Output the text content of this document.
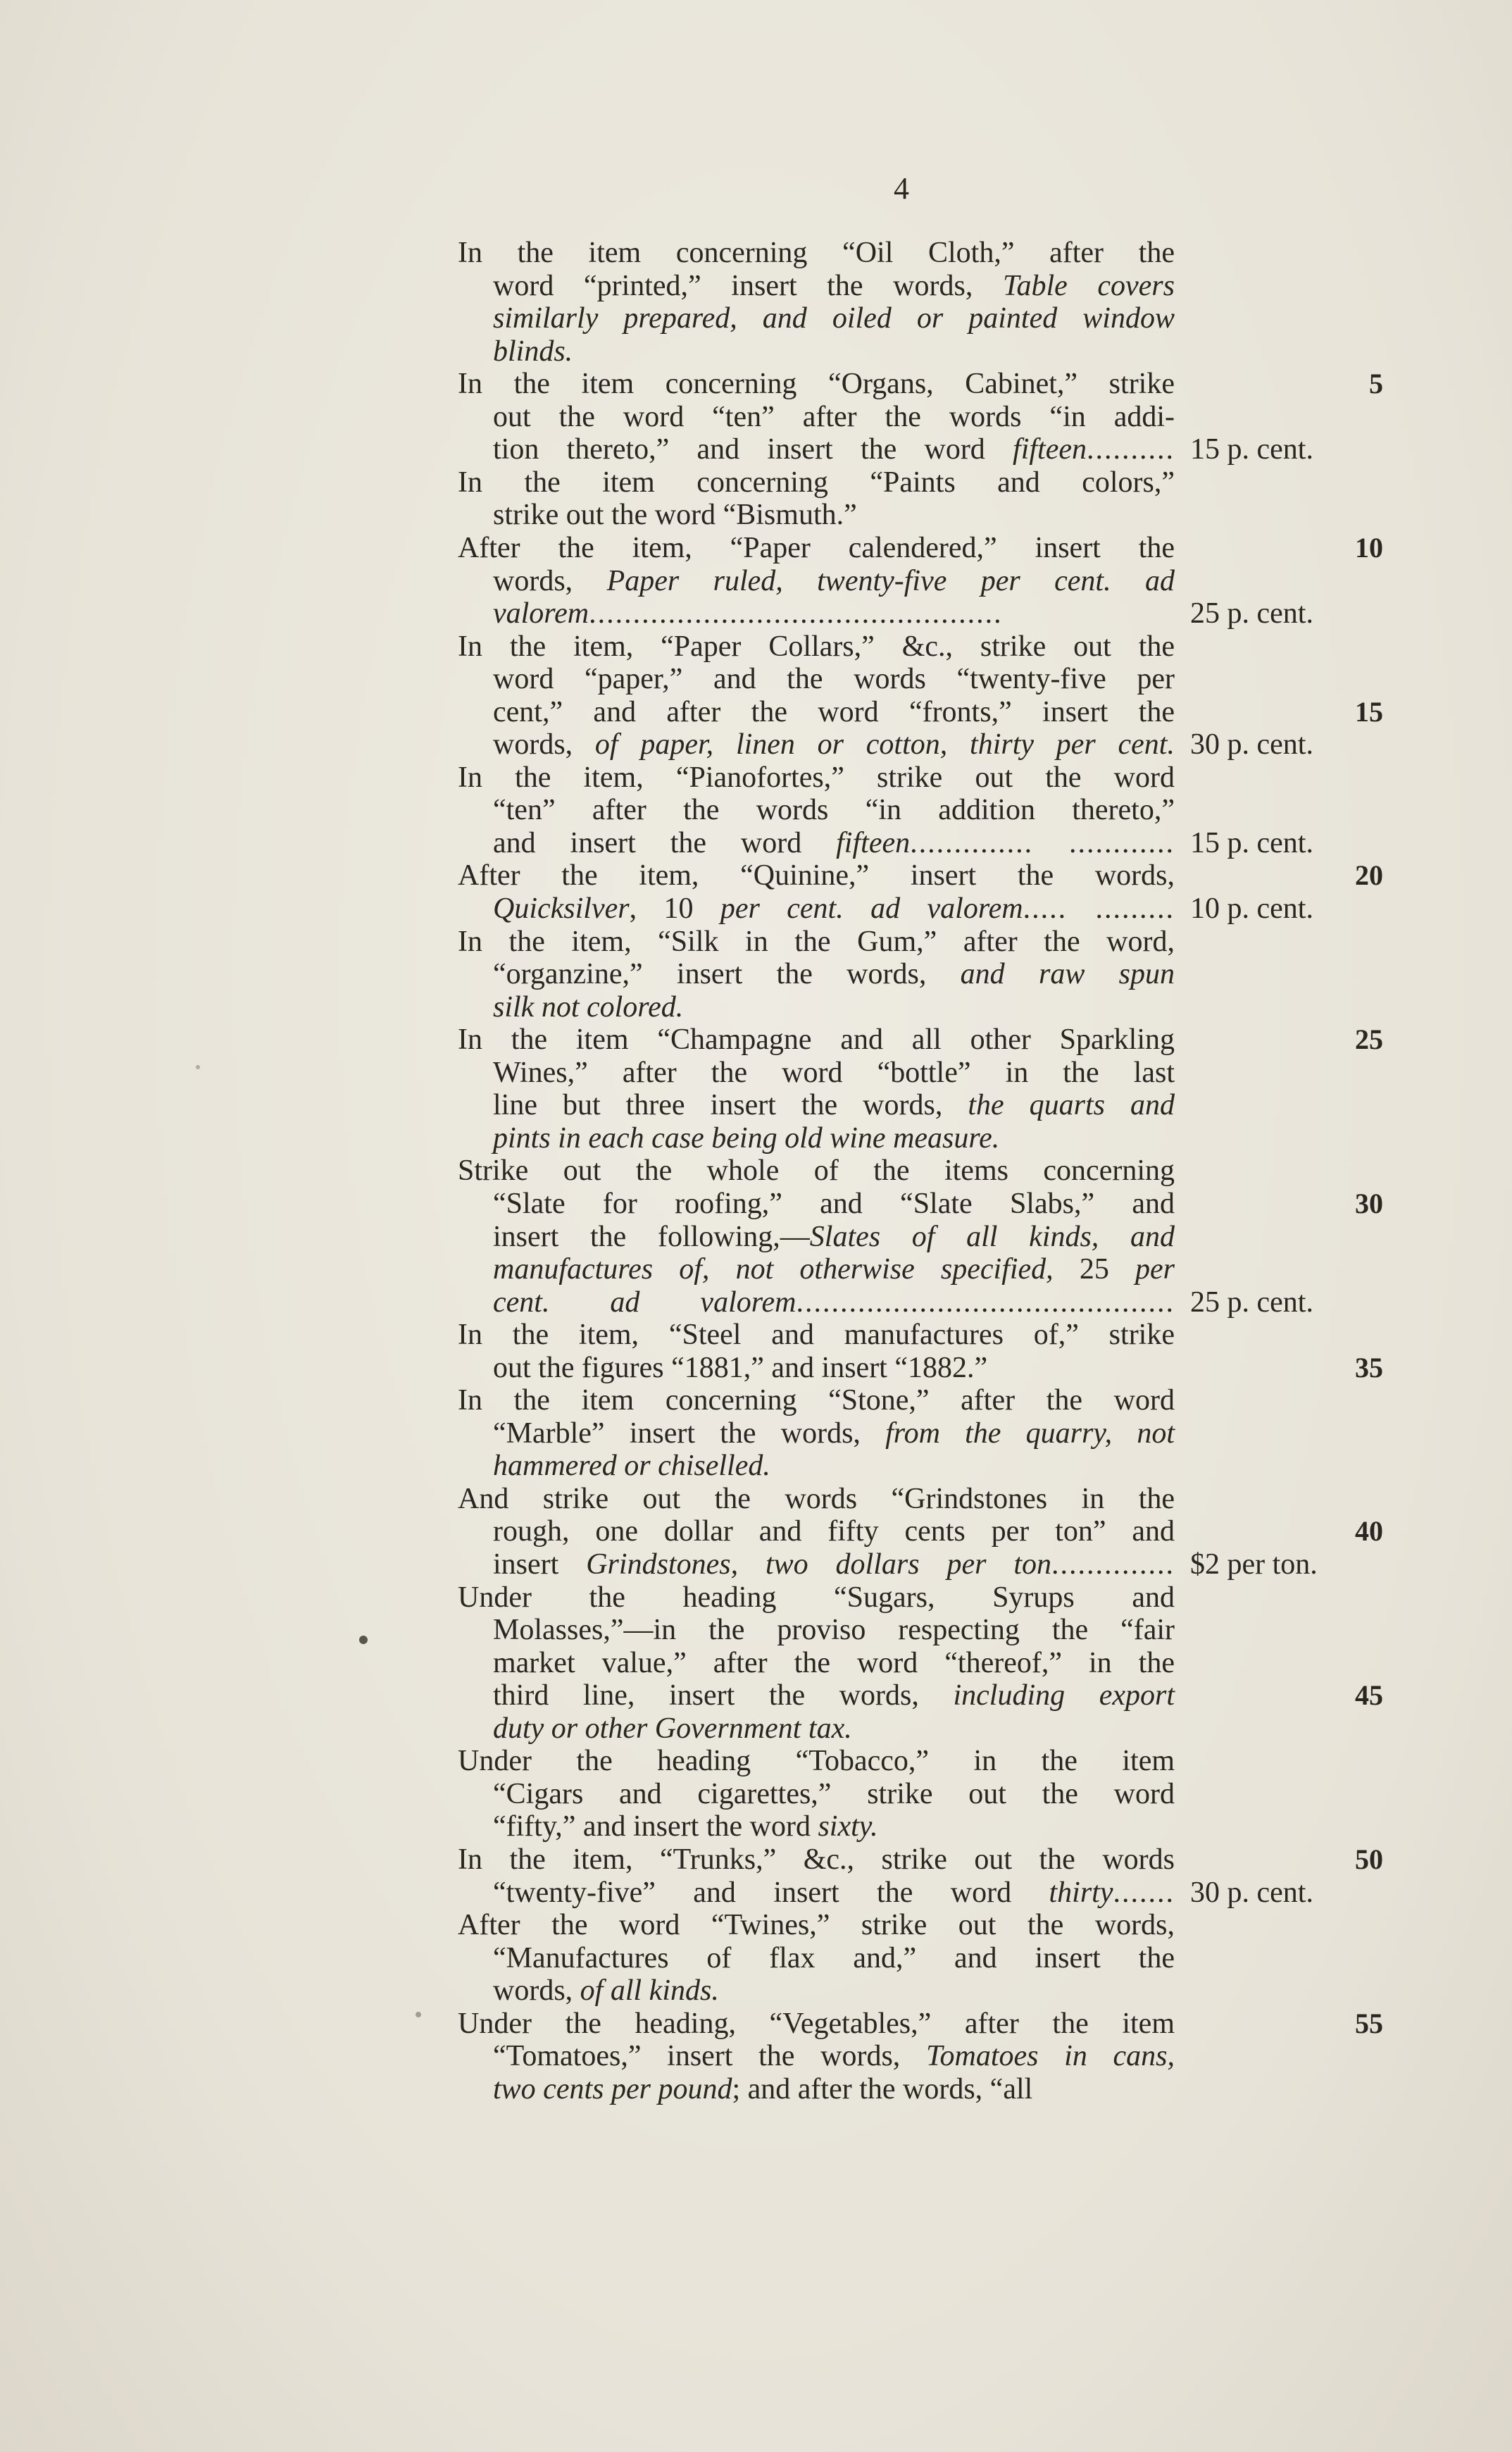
4
In the item concerning “Oil Cloth,” after the
word “printed,” insert the words, Table covers
similarly prepared, and oiled or painted window
blinds.
In the item concerning “Organs, Cabinet,” strike
out the word “ten” after the words “in addi-
tion thereto,” and insert the word fifteen..........
In the item concerning “Paints and colors,”
strike out the word “Bismuth.”
After the item, “Paper calendered,” insert the
words, Paper ruled, twenty-five per cent. ad
valorem...............................................
In the item, “Paper Collars,” &c., strike out the
word “paper,” and the words “twenty-five per
cent,” and after the word “fronts,” insert the
words, of paper, linen or cotton, thirty per cent.
In the item, “Pianofortes,” strike out the word
“ten” after the words “in addition thereto,”
and insert the word fifteen.............. ............
After the item, “Quinine,” insert the words,
Quicksilver, 10 per cent. ad valorem..... .........
In the item, “Silk in the Gum,” after the word,
“organzine,” insert the words, and raw spun
silk not colored.
In the item “Champagne and all other Sparkling
Wines,” after the word “bottle” in the last
line but three insert the words, the quarts and
pints in each case being old wine measure.
Strike out the whole of the items concerning
“Slate for roofing,” and “Slate Slabs,” and
insert the following,—Slates of all kinds, and
manufactures of, not otherwise specified, 25 per
cent. ad valorem...........................................
In the item, “Steel and manufactures of,” strike
out the figures “1881,” and insert “1882.”
In the item concerning “Stone,” after the word
“Marble” insert the words, from the quarry, not
hammered or chiselled.
And strike out the words “Grindstones in the
rough, one dollar and fifty cents per ton” and
insert Grindstones, two dollars per ton..............
Under the heading “Sugars, Syrups and
Molasses,”—in the proviso respecting the “fair
market value,” after the word “thereof,” in the
third line, insert the words, including export
duty or other Government tax.
Under the heading “Tobacco,” in the item
“Cigars and cigarettes,” strike out the word
“fifty,” and insert the word sixty.
In the item, “Trunks,” &c., strike out the words
“twenty-five” and insert the word thirty.......
After the word “Twines,” strike out the words,
“Manufactures of flax and,” and insert the
words, of all kinds.
Under the heading, “Vegetables,” after the item
“Tomatoes,” insert the words, Tomatoes in cans,
two cents per pound; and after the words, “all
15 p. cent.
25 p. cent.
30 p. cent.
15 p. cent.
10 p. cent.
25 p. cent.
$2 per ton.
30 p. cent.
5
10
15
20
25
30
35
40
45
50
55
